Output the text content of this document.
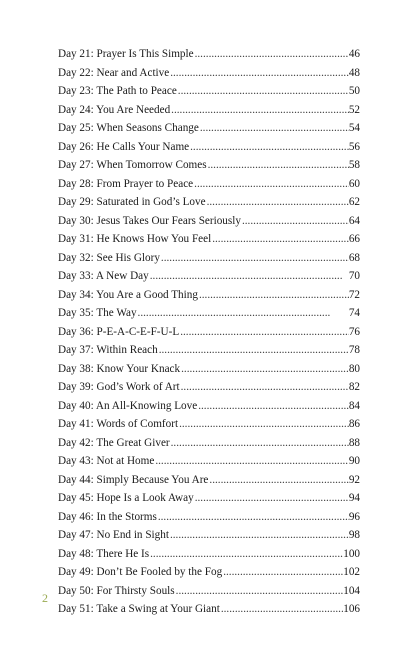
Day 21: Prayer Is This Simple . . .	46
Day 22: Near and Active . . .	48
Day 23: The Path to Peace . . .	50
Day 24: You Are Needed . . .	52
Day 25: When Seasons Change . . .	54
Day 26: He Calls Your Name . . .	56
Day 27: When Tomorrow Comes . . .	58
Day 28: From Prayer to Peace . . .	60
Day 29: Saturated in God’s Love . . .	62
Day 30: Jesus Takes Our Fears Seriously . . .	64
Day 31: He Knows How You Feel . . .	66
Day 32: See His Glory . . .	68
Day 33: A New Day . . .	70
Day 34: You Are a Good Thing . . .	72
Day 35: The Way . . .	74
Day 36: P-E-A-C-E-F-U-L . . .	76
Day 37: Within Reach . . .	78
Day 38: Know Your Knack . . .	80
Day 39: God’s Work of Art . . .	82
Day 40: An All-Knowing Love . . .	84
Day 41: Words of Comfort . . .	86
Day 42: The Great Giver . . .	88
Day 43: Not at Home . . .	90
Day 44: Simply Because You Are . . .	92
Day 45: Hope Is a Look Away . . .	94
Day 46: In the Storms . . .	96
Day 47: No End in Sight . . .	98
Day 48: There He Is . . .	100
Day 49: Don’t Be Fooled by the Fog . . .	102
Day 50: For Thirsty Souls . . .	104
Day 51: Take a Swing at Your Giant . . .	106
2
